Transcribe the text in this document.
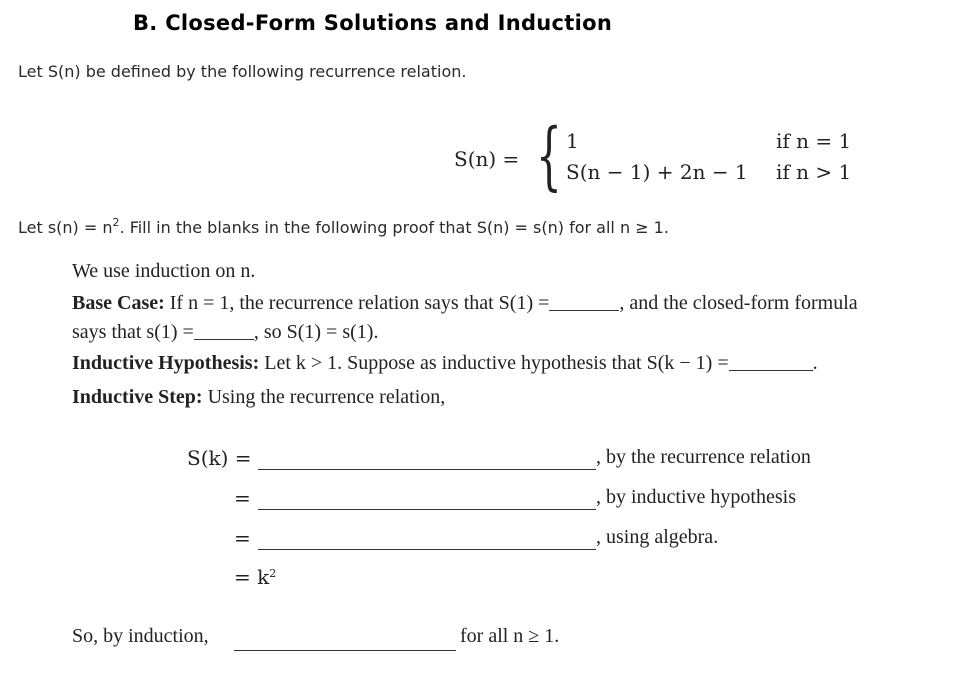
B. Closed-Form Solutions and Induction
Let S(n) be defined by the following recurrence relation.
S(n) = { 1	if n = 1
S(n − 1) + 2n − 1 if n > 1
Let $s(n) = n^2$. Fill in the blanks in the following proof that S(n) = s(n) for all n ≥ 1.
We use induction on n.
Base Case: If n = 1, the recurrence relation says that S(1) =	, and the closed-form formula
says that s(1) =	, so S(1) = s(1).
Inductive Hypothesis: Let k > 1. Suppose as inductive hypothesis that S(k − 1) =	.
Inductive Step: Using the recurrence relation,
S(k) =	, by the recurrence relation
=	, by inductive hypothesis
=	, using algebra.
= $k^2$
So, by induction,	for all n ≥ 1.
